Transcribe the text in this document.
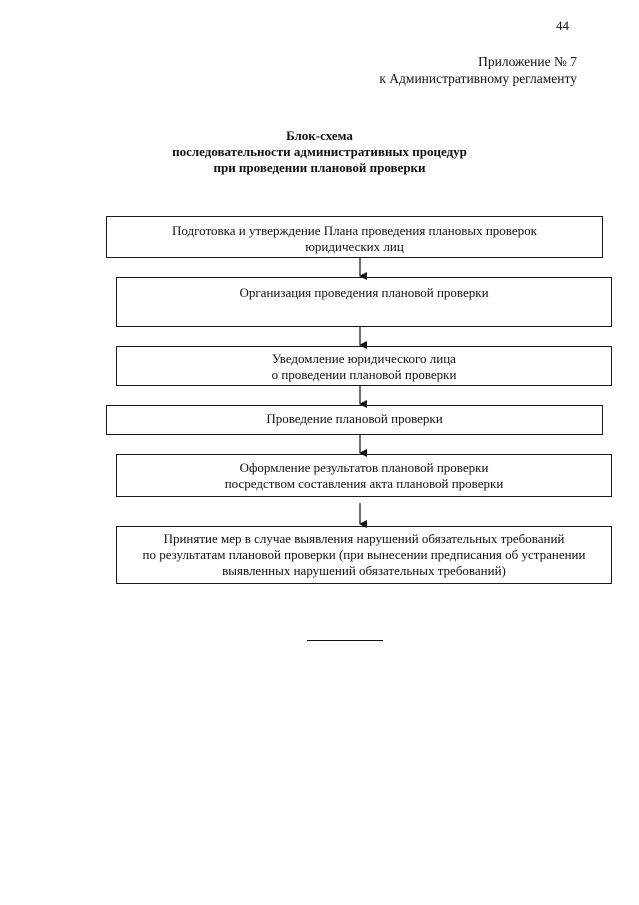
44
Приложение № 7
к Административному регламенту
Блок-схема
последовательности административных процедур
при проведении плановой проверки
Подготовка и утверждение Плана проведения плановых проверок
юридических лиц
Организация проведения плановой проверки
Уведомление юридического лица
о проведении плановой проверки
Проведение плановой проверки
Оформление результатов плановой проверки
посредством составления акта плановой проверки
Принятие мер в случае выявления нарушений обязательных требований
по результатам плановой проверки (при вынесении предписания об устранении
выявленных нарушений обязательных требований)
